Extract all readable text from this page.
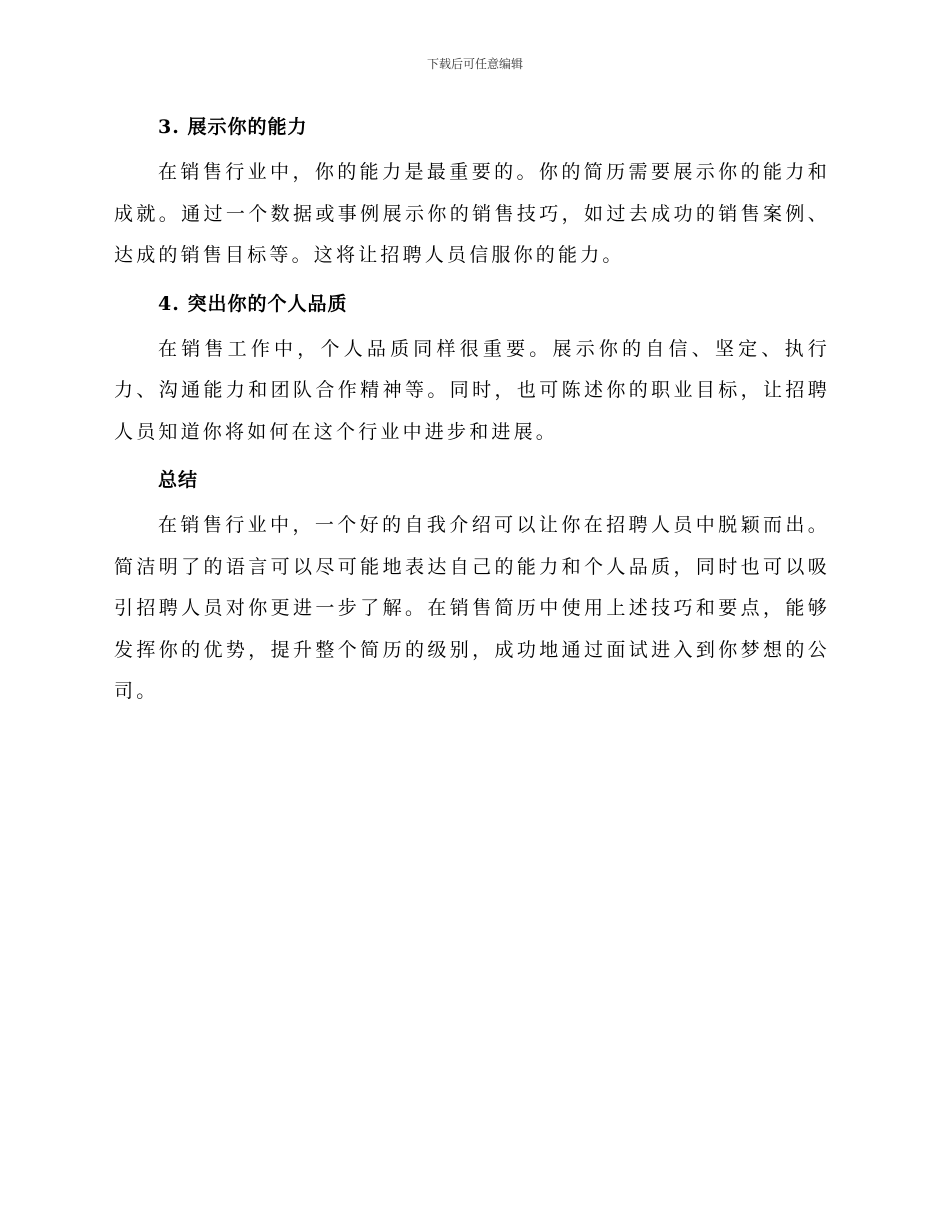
下载后可任意编辑
3. 展示你的能力

在销售行业中，你的能力是最重要的。你的简历需要展示你的能力和成就。通过一个数据或事例展示你的销售技巧，如过去成功的销售案例、达成的销售目标等。这将让招聘人员信服你的能力。

4. 突出你的个人品质

在销售工作中，个人品质同样很重要。展示你的自信、坚定、执行力、沟通能力和团队合作精神等。同时，也可陈述你的职业目标，让招聘人员知道你将如何在这个行业中进步和进展。

总结

在销售行业中，一个好的自我介绍可以让你在招聘人员中脱颖而出。简洁明了的语言可以尽可能地表达自己的能力和个人品质，同时也可以吸引招聘人员对你更进一步了解。在销售简历中使用上述技巧和要点，能够发挥你的优势，提升整个简历的级别，成功地通过面试进入到你梦想的公司。
